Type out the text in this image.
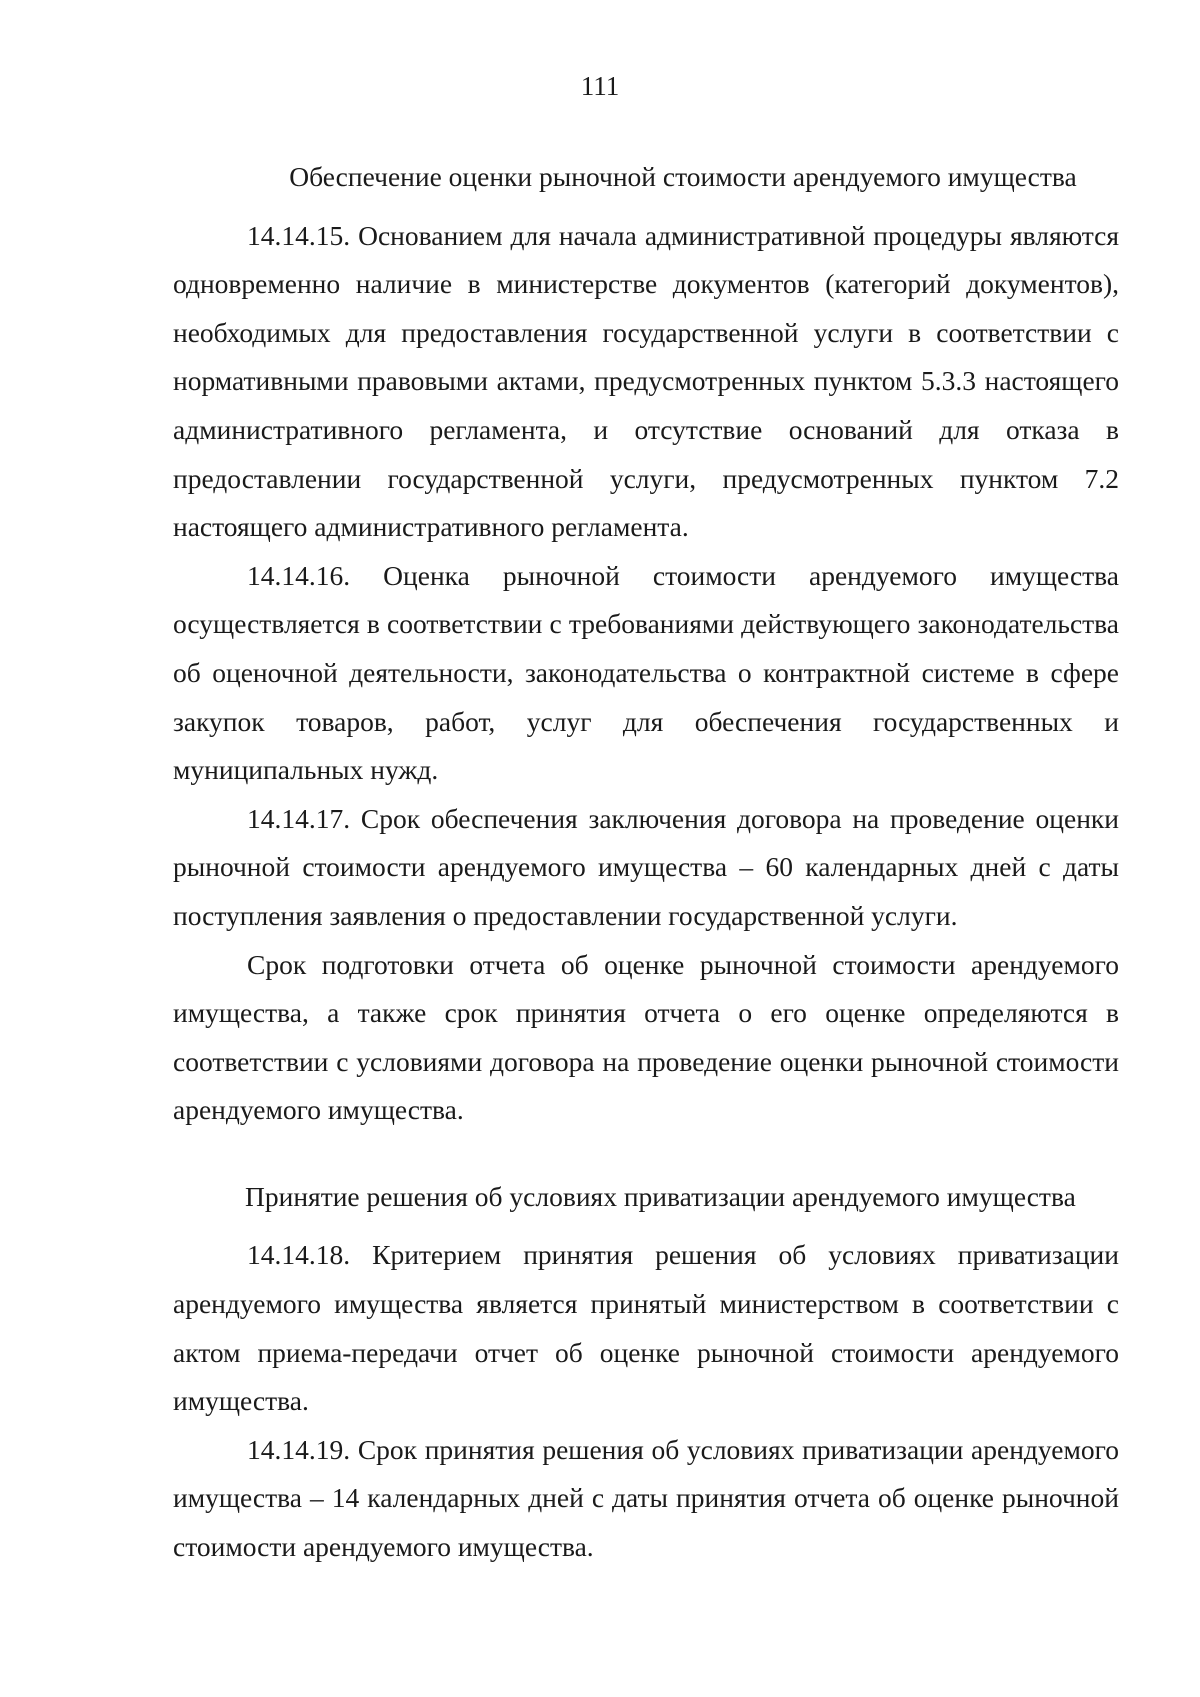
111

Обеспечение оценки рыночной стоимости арендуемого имущества

14.14.15. Основанием для начала административной процедуры являются одновременно наличие в министерстве документов (категорий документов), необходимых для предоставления государственной услуги в соответствии с нормативными правовыми актами, предусмотренных пунктом 5.3.3 настоящего административного регламента, и отсутствие оснований для отказа в предоставлении государственной услуги, предусмотренных пунктом 7.2 настоящего административного регламента.

14.14.16. Оценка рыночной стоимости арендуемого имущества осуществляется в соответствии с требованиями действующего законодательства об оценочной деятельности, законодательства о контрактной системе в сфере закупок товаров, работ, услуг для обеспечения государственных и муниципальных нужд.

14.14.17. Срок обеспечения заключения договора на проведение оценки рыночной стоимости арендуемого имущества – 60 календарных дней с даты поступления заявления о предоставлении государственной услуги.

Срок подготовки отчета об оценке рыночной стоимости арендуемого имущества, а также срок принятия отчета о его оценке определяются в соответствии с условиями договора на проведение оценки рыночной стоимости арендуемого имущества.

Принятие решения об условиях приватизации арендуемого имущества

14.14.18. Критерием принятия решения об условиях приватизации арендуемого имущества является принятый министерством в соответствии с актом приема-передачи отчет об оценке рыночной стоимости арендуемого имущества.

14.14.19. Срок принятия решения об условиях приватизации арендуемого имущества – 14 календарных дней с даты принятия отчета об оценке рыночной стоимости арендуемого имущества.
